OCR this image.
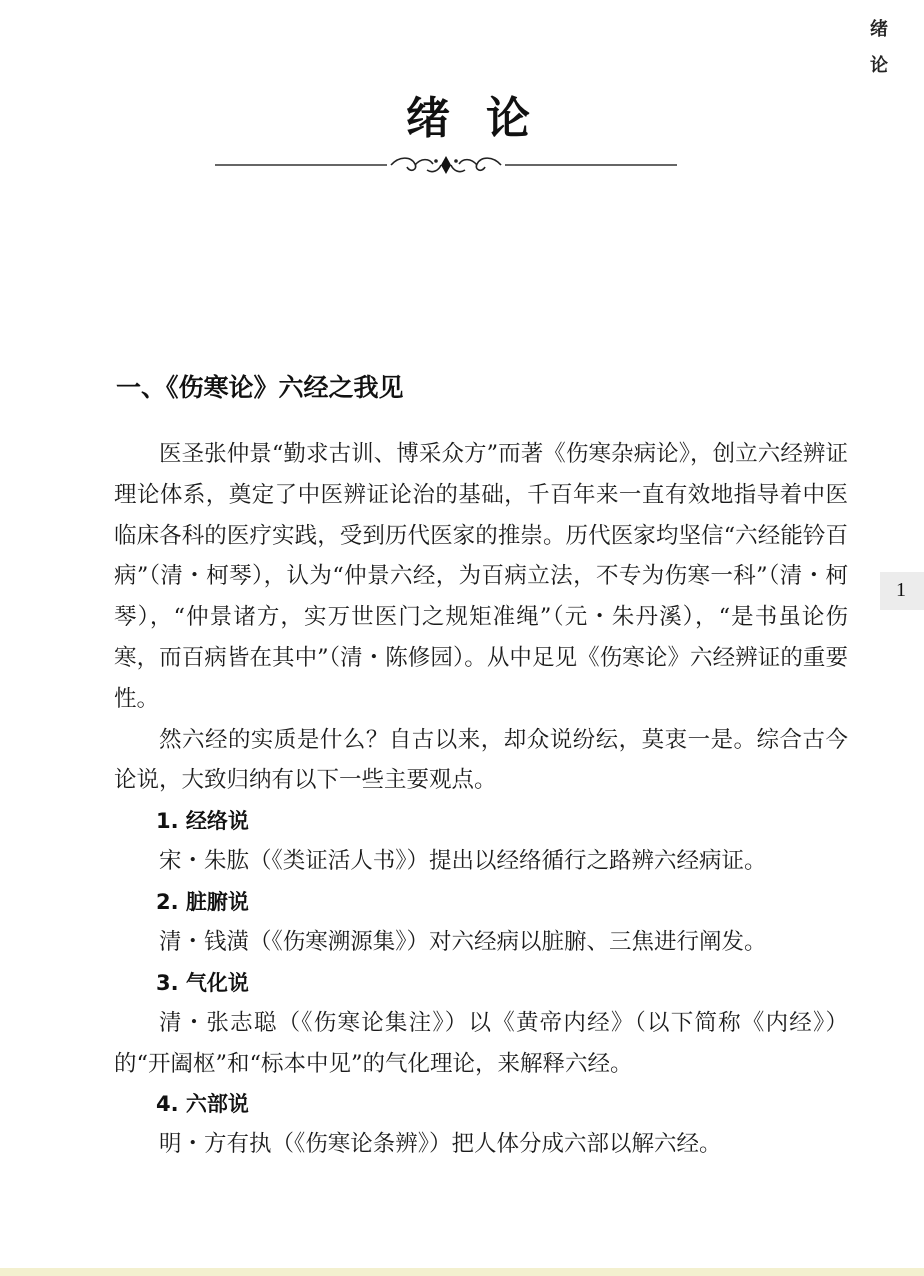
绪
论
1
绪论
一、《伤寒论》六经之我见

医圣张仲景“勤求古训、博采众方”而著《伤寒杂病论》，创立六经辨证理论体系，奠定了中医辨证论治的基础，千百年来一直有效地指导着中医临床各科的医疗实践，受到历代医家的推崇。历代医家均坚信“六经能钤百病”（清・柯琴），认为“仲景六经，为百病立法，不专为伤寒一科”（清・柯琴），“仲景诸方，实万世医门之规矩准绳”（元・朱丹溪），“是书虽论伤寒，而百病皆在其中”（清・陈修园）。从中足见《伤寒论》六经辨证的重要性。

然六经的实质是什么？自古以来，却众说纷纭，莫衷一是。综合古今论说，大致归纳有以下一些主要观点。

1. 经络说

宋・朱肱（《类证活人书》）提出以经络循行之路辨六经病证。

2. 脏腑说

清・钱潢（《伤寒溯源集》）对六经病以脏腑、三焦进行阐发。

3. 气化说

清・张志聪（《伤寒论集注》）以《黄帝内经》（以下简称《内经》）的“开阖枢”和“标本中见”的气化理论，来解释六经。

4. 六部说

明・方有执（《伤寒论条辨》）把人体分成六部以解六经。
